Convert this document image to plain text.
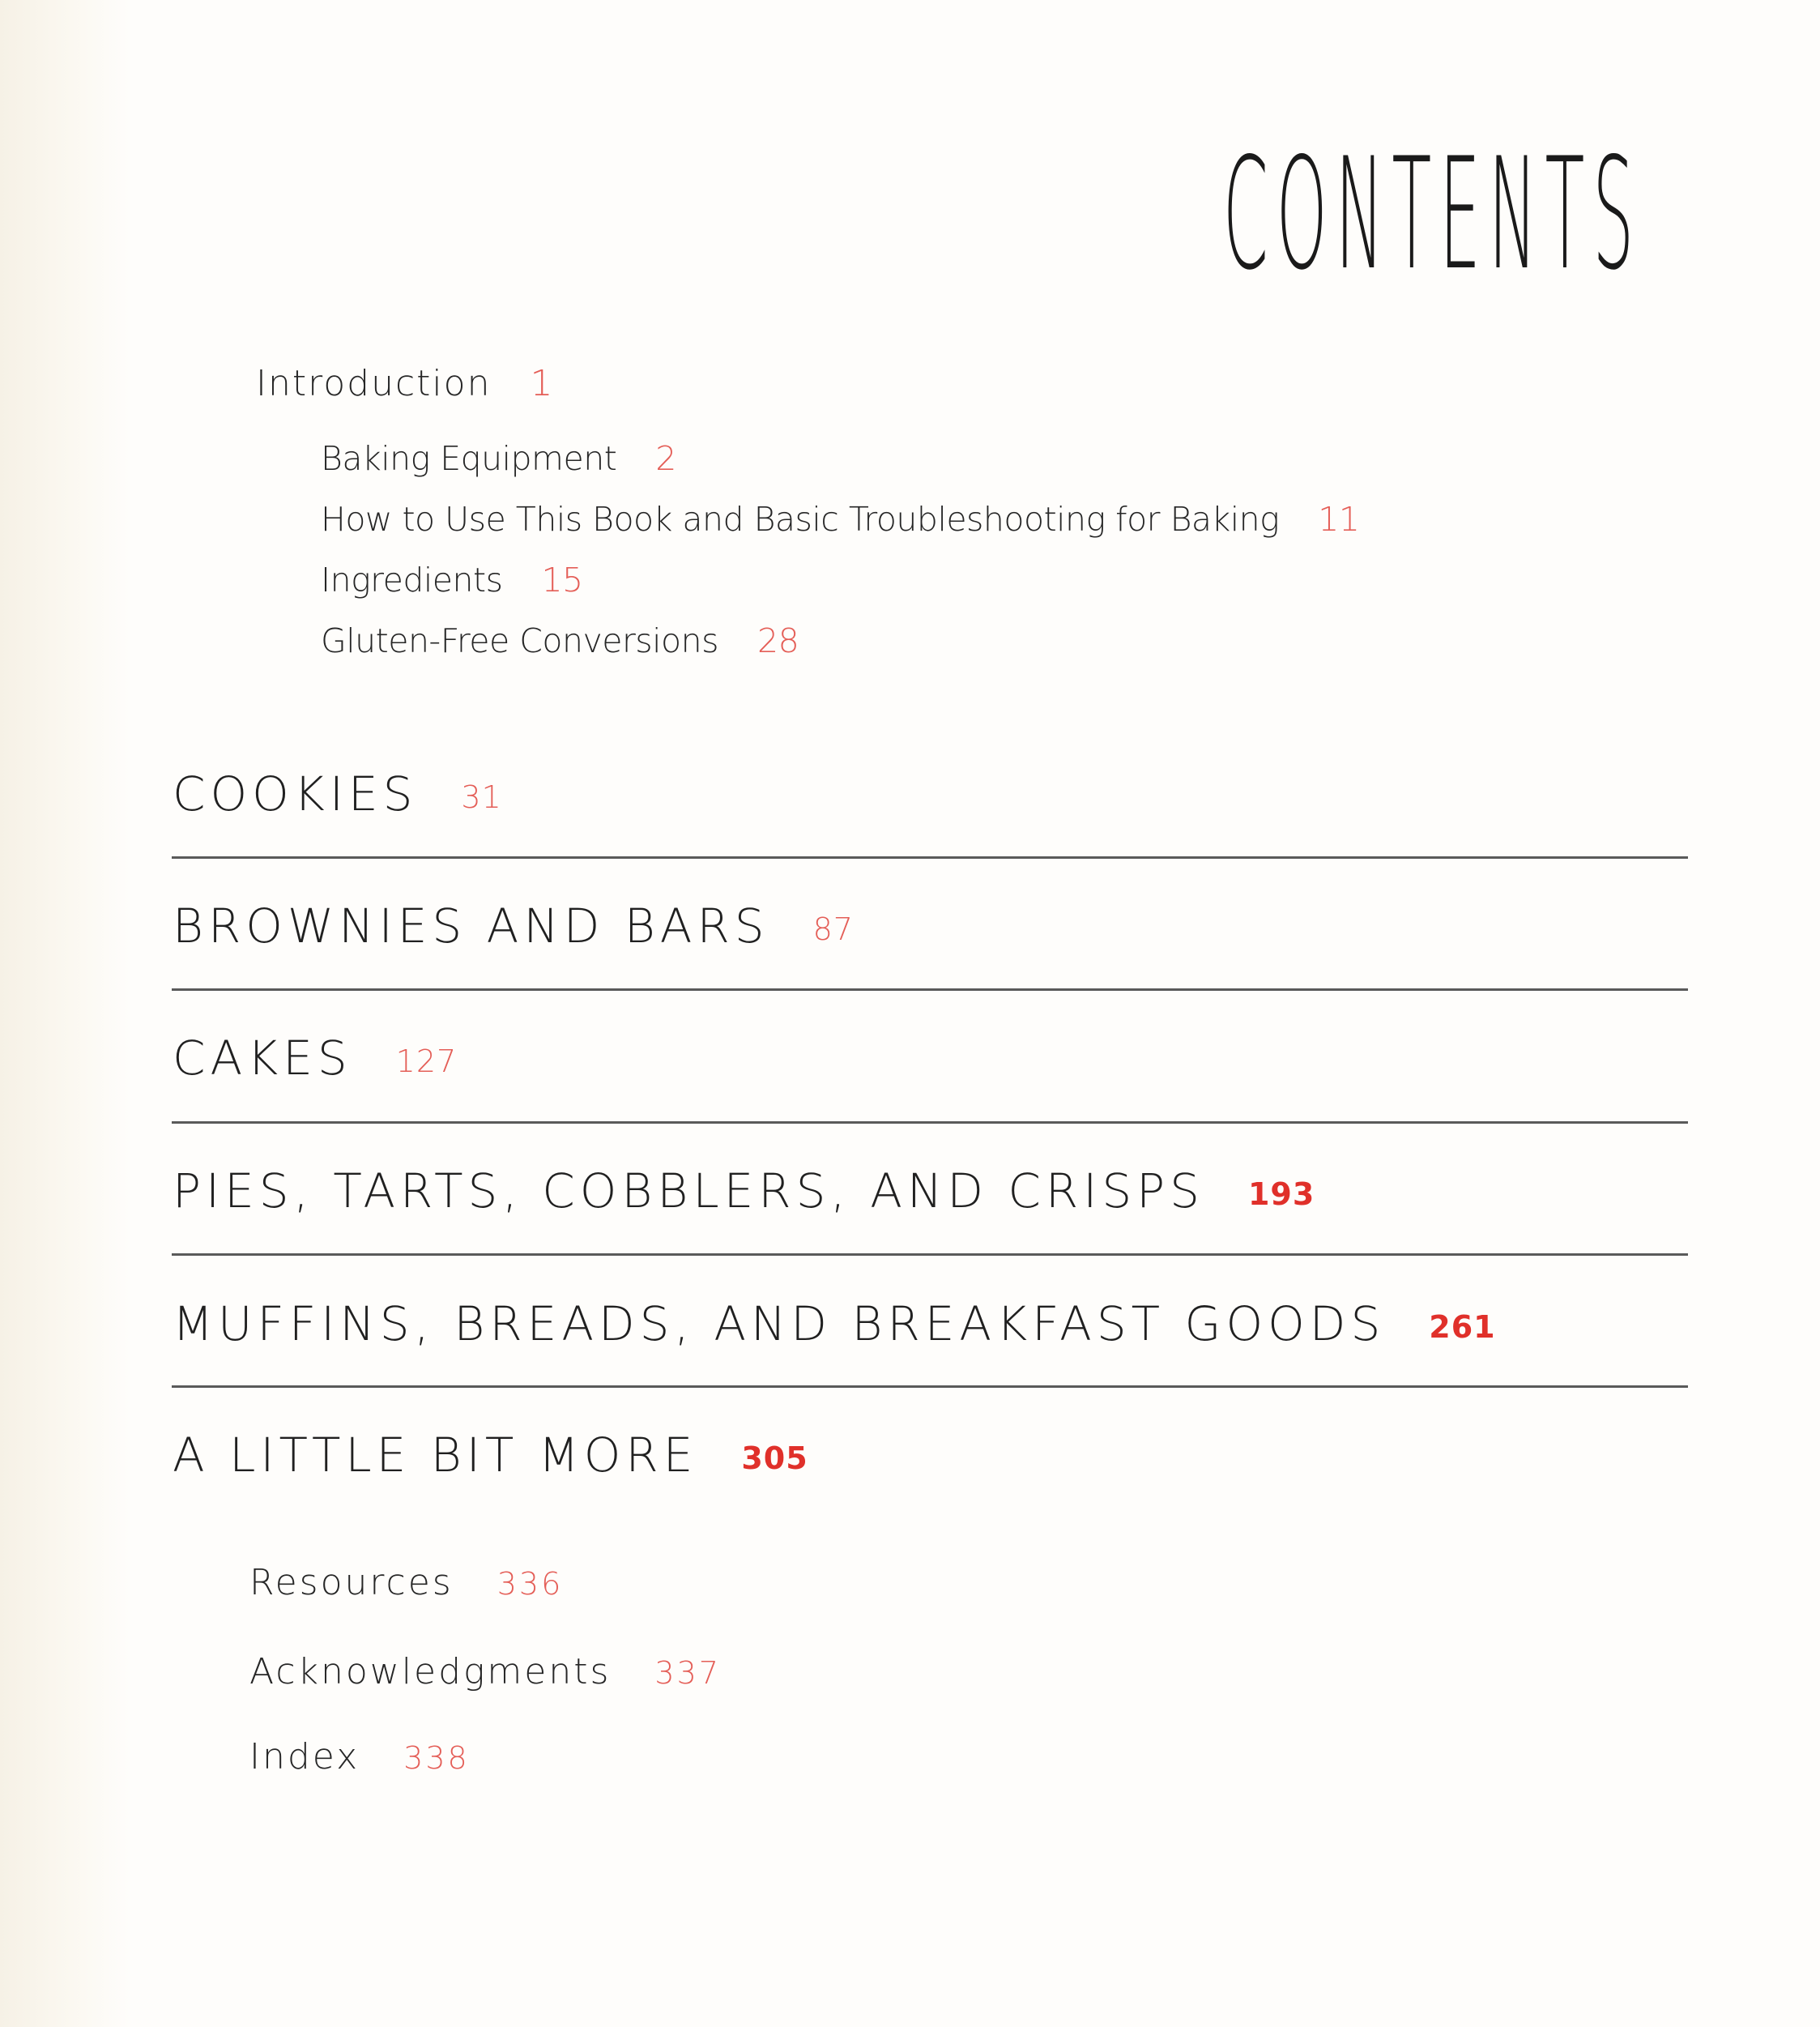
CONTENTS
Introduction 1
Baking Equipment 2
How to Use This Book and Basic Troubleshooting for Baking 11
Ingredients 15
Gluten-Free Conversions 28
COOKIES 31
BROWNIES AND BARS 87
CAKES 127
PIES, TARTS, COBBLERS, AND CRISPS 193
MUFFINS, BREADS, AND BREAKFAST GOODS 261
A LITTLE BIT MORE 305
Resources 336
Acknowledgments 337
Index 338
